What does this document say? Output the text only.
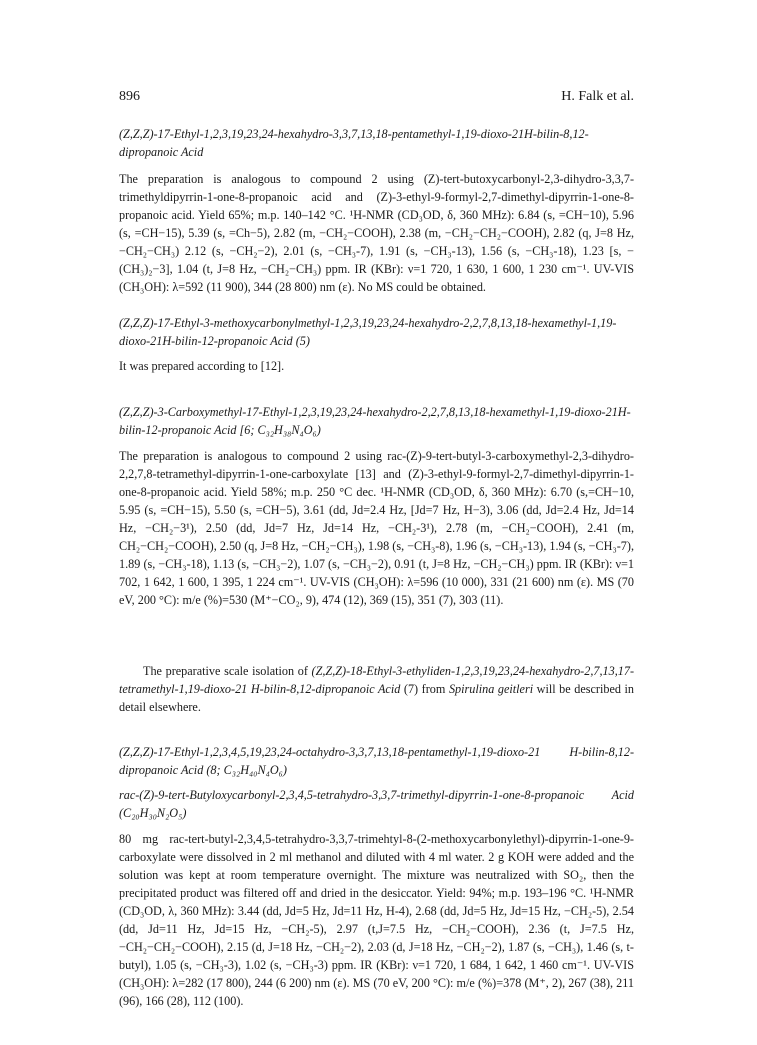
896	H. Falk et al.

(Z,Z,Z)-17-Ethyl-1,2,3,19,23,24-hexahydro-3,3,7,13,18-pentamethyl-1,19-dioxo-21H-bilin-8,12-dipropanoic Acid

The preparation is analogous to compound 2 using (Z)-tert-butoxycarbonyl-2,3-dihydro-3,3,7-trimethyldipyrrin-1-one-8-propanoic acid and (Z)-3-ethyl-9-formyl-2,7-dimethyl-dipyrrin-1-one-8-propanoic acid. Yield 65%; m.p. 140–142 °C. ¹H-NMR (CD₃OD, δ, 360 MHz): 6.84 (s, =CH−10), 5.96 (s, =CH−15), 5.39 (s, =Ch−5), 2.82 (m, −CH₂−COOH), 2.38 (m, −CH₂−CH₂−COOH), 2.82 (q, J=8 Hz, −CH₂−CH₃) 2.12 (s, −CH₂−2), 2.01 (s, −CH₃-7), 1.91 (s, −CH₃-13), 1.56 (s, −CH₃-18), 1.23 [s, −(CH₃)₂−3], 1.04 (t, J=8 Hz, −CH₂−CH₃) ppm. IR (KBr): ν=1 720, 1 630, 1 600, 1 230 cm⁻¹. UV-VIS (CH₃OH): λ=592 (11 900), 344 (28 800) nm (ε). No MS could be obtained.

(Z,Z,Z)-17-Ethyl-3-methoxycarbonylmethyl-1,2,3,19,23,24-hexahydro-2,2,7,8,13,18-hexamethyl-1,19-dioxo-21H-bilin-12-propanoic Acid (5)

It was prepared according to [12].

(Z,Z,Z)-3-Carboxymethyl-17-Ethyl-1,2,3,19,23,24-hexahydro-2,2,7,8,13,18-hexamethyl-1,19-dioxo-21H-bilin-12-propanoic Acid [6; C₃₂H₃₈N₄O₆)

The preparation is analogous to compound 2 using rac-(Z)-9-tert-butyl-3-carboxymethyl-2,3-dihydro-2,2,7,8-tetramethyl-dipyrrin-1-one-carboxylate [13] and (Z)-3-ethyl-9-formyl-2,7-dimethyl-dipyrrin-1-one-8-propanoic acid. Yield 58%; m.p. 250 °C dec. ¹H-NMR (CD₃OD, δ, 360 MHz): 6.70 (s,=CH−10, 5.95 (s, =CH−15), 5.50 (s, =CH−5), 3.61 (dd, Jd=2.4 Hz, [Jd=7 Hz, H−3), 3.06 (dd, Jd=2.4 Hz, Jd=14 Hz, −CH₂−3¹), 2.50 (dd, Jd=7 Hz, Jd=14 Hz, −CH₂-3¹), 2.78 (m, −CH₂−COOH), 2.41 (m, CH₂−CH₂−COOH), 2.50 (q, J=8 Hz, −CH₂−CH₃), 1.98 (s, −CH₃-8), 1.96 (s, −CH₃-13), 1.94 (s, −CH₃-7), 1.89 (s, −CH₃-18), 1.13 (s, −CH₃−2), 1.07 (s, −CH₃−2), 0.91 (t, J=8 Hz, −CH₂−CH₃) ppm. IR (KBr): ν=1 702, 1 642, 1 600, 1 395, 1 224 cm⁻¹. UV-VIS (CH₃OH): λ=596 (10 000), 331 (21 600) nm (ε). MS (70 eV, 200 °C): m/e (%)=530 (M⁺−CO₂, 9), 474 (12), 369 (15), 351 (7), 303 (11).

The preparative scale isolation of (Z,Z,Z)-18-Ethyl-3-ethyliden-1,2,3,19,23,24-hexahydro-2,7,13,17-tetramethyl-1,19-dioxo-21 H-bilin-8,12-dipropanoic Acid (7) from Spirulina geitleri will be described in detail elsewhere.

(Z,Z,Z)-17-Ethyl-1,2,3,4,5,19,23,24-octahydro-3,3,7,13,18-pentamethyl-1,19-dioxo-21 H-bilin-8,12-dipropanoic Acid (8; C₃₂H₄₀N₄O₆)

rac-(Z)-9-tert-Butyloxycarbonyl-2,3,4,5-tetrahydro-3,3,7-trimethyl-dipyrrin-1-one-8-propanoic Acid (C₂₀H₃₀N₂O₅)

80 mg rac-tert-butyl-2,3,4,5-tetrahydro-3,3,7-trimehtyl-8-(2-methoxycarbonylethyl)-dipyrrin-1-one-9-carboxylate were dissolved in 2 ml methanol and diluted with 4 ml water. 2 g KOH were added and the solution was kept at room temperature overnight. The mixture was neutralized with SO₂, then the precipitated product was filtered off and dried in the desiccator. Yield: 94%; m.p. 193–196 °C. ¹H-NMR (CD₃OD, λ, 360 MHz): 3.44 (dd, Jd=5 Hz, Jd=11 Hz, H-4), 2.68 (dd, Jd=5 Hz, Jd=15 Hz, −CH₂-5), 2.54 (dd, Jd=11 Hz, Jd=15 Hz, −CH₂-5), 2.97 (t,J=7.5 Hz, −CH₂−COOH), 2.36 (t, J=7.5 Hz, −CH₂−CH₂−COOH), 2.15 (d, J=18 Hz, −CH₂−2), 2.03 (d, J=18 Hz, −CH₂−2), 1.87 (s, −CH₃), 1.46 (s, t-butyl), 1.05 (s, −CH₃-3), 1.02 (s, −CH₃-3) ppm. IR (KBr): ν=1 720, 1 684, 1 642, 1 460 cm⁻¹. UV-VIS (CH₃OH): λ=282 (17 800), 244 (6 200) nm (ε). MS (70 eV, 200 °C): m/e (%)=378 (M⁺, 2), 267 (38), 211 (96), 166 (28), 112 (100).
